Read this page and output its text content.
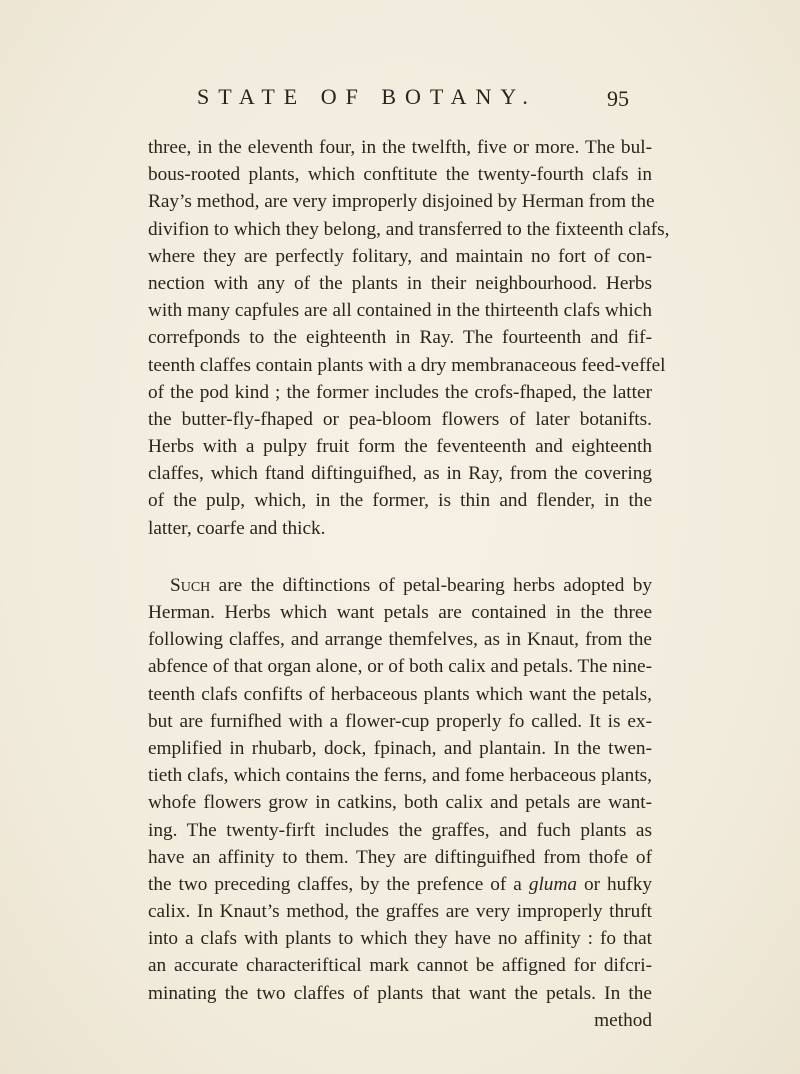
STATE OF BOTANY.	95
three, in the eleventh four, in the twelfth, five or more. The bul-
bous-rooted plants, which conftitute the twenty-fourth clafs in
Ray’s method, are very improperly disjoined by Herman from the
divifion to which they belong, and transferred to the fixteenth clafs,
where they are perfectly folitary, and maintain no fort of con-
nection with any of the plants in their neighbourhood. Herbs
with many capfules are all contained in the thirteenth clafs which
correfponds to the eighteenth in Ray. The fourteenth and fif-
teenth claffes contain plants with a dry membranaceous feed-veffel
of the pod kind ; the former includes the crofs-fhaped, the latter
the butter-fly-fhaped or pea-bloom flowers of later botanifts.
Herbs with a pulpy fruit form the feventeenth and eighteenth
claffes, which ftand diftinguifhed, as in Ray, from the covering
of the pulp, which, in the former, is thin and flender, in the
latter, coarfe and thick.
Such are the diftinctions of petal-bearing herbs adopted by
Herman. Herbs which want petals are contained in the three
following claffes, and arrange themfelves, as in Knaut, from the
abfence of that organ alone, or of both calix and petals. The nine-
teenth clafs confifts of herbaceous plants which want the petals,
but are furnifhed with a flower-cup properly fo called. It is ex-
emplified in rhubarb, dock, fpinach, and plantain. In the twen-
tieth clafs, which contains the ferns, and fome herbaceous plants,
whofe flowers grow in catkins, both calix and petals are want-
ing. The twenty-firft includes the graffes, and fuch plants as
have an affinity to them. They are diftinguifhed from thofe of
the two preceding claffes, by the prefence of a gluma or hufky
calix. In Knaut’s method, the graffes are very improperly thruft
into a clafs with plants to which they have no affinity : fo that
an accurate characteriftical mark cannot be affigned for difcri-
minating the two claffes of plants that want the petals. In the
method
